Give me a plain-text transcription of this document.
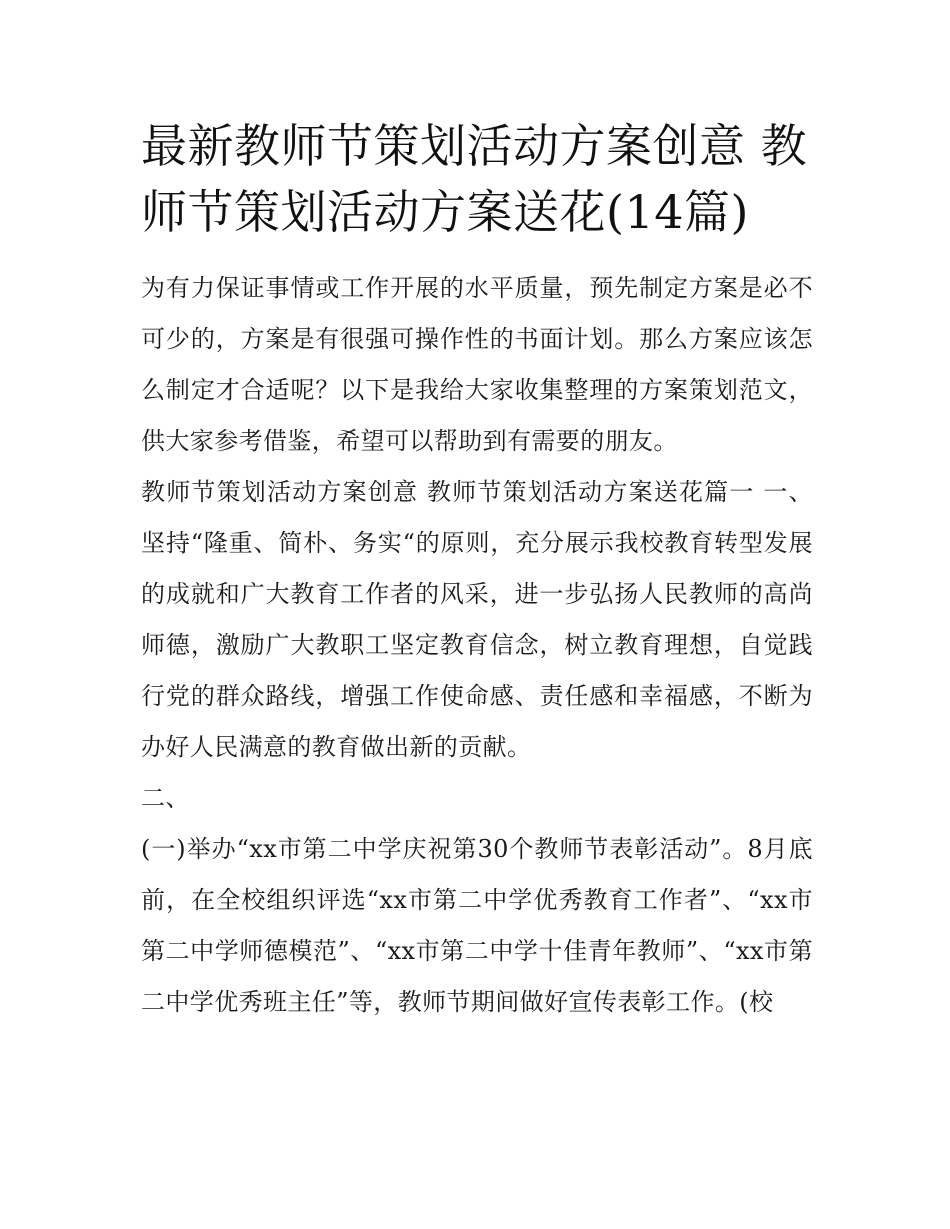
最新教师节策划活动方案创意 教师节策划活动方案送花(14篇)

为有力保证事情或工作开展的水平质量，预先制定方案是必不可少的，方案是有很强可操作性的书面计划。那么方案应该怎么制定才合适呢？以下是我给大家收集整理的方案策划范文，供大家参考借鉴，希望可以帮助到有需要的朋友。

教师节策划活动方案创意 教师节策划活动方案送花篇一 一、坚持“隆重、简朴、务实“的原则，充分展示我校教育转型发展的成就和广大教育工作者的风采，进一步弘扬人民教师的高尚师德，激励广大教职工坚定教育信念，树立教育理想，自觉践行党的群众路线，增强工作使命感、责任感和幸福感，不断为办好人民满意的教育做出新的贡献。

二、

(一)举办“xx市第二中学庆祝第30个教师节表彰活动”。8月底前，在全校组织评选“xx市第二中学优秀教育工作者”、“xx市第二中学师德模范”、“xx市第二中学十佳青年教师”、“xx市第二中学优秀班主任”等，教师节期间做好宣传表彰工作。(校
